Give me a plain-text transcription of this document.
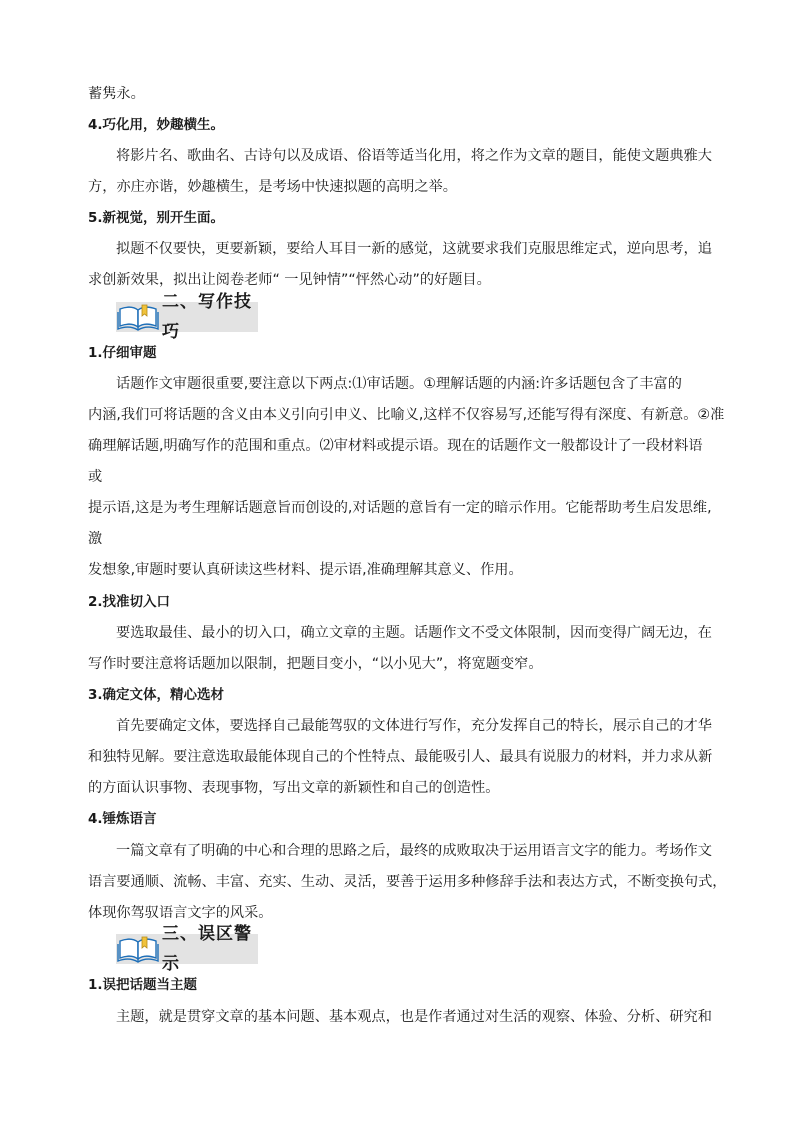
蓄隽永。
4.巧化用，妙趣横生。
将影片名、歌曲名、古诗句以及成语、俗语等适当化用，将之作为文章的题目，能使文题典雅大
方，亦庄亦谐，妙趣横生，是考场中快速拟题的高明之举。
5.新视觉，别开生面。
拟题不仅要快，更要新颖，要给人耳目一新的感觉，这就要求我们克服思维定式，逆向思考，追
求创新效果，拟出让阅卷老师“ 一见钟情”“怦然心动”的好题目。
二、写作技巧
1.仔细审题
话题作文审题很重要,要注意以下两点:⑴审话题。①理解话题的内涵:许多话题包含了丰富的
内涵,我们可将话题的含义由本义引向引申义、比喻义,这样不仅容易写,还能写得有深度、有新意。②准
确理解话题,明确写作的范围和重点。⑵审材料或提示语。现在的话题作文一般都设计了一段材料语
或
提示语,这是为考生理解话题意旨而创设的,对话题的意旨有一定的暗示作用。它能帮助考生启发思维,
激
发想象,审题时要认真研读这些材料、提示语,准确理解其意义、作用。
2.找准切入口
要选取最佳、最小的切入口，确立文章的主题。话题作文不受文体限制，因而变得广阔无边，在
写作时要注意将话题加以限制，把题目变小，“以小见大”，将宽题变窄。
3.确定文体，精心选材
首先要确定文体，要选择自己最能驾驭的文体进行写作，充分发挥自己的特长，展示自己的才华
和独特见解。要注意选取最能体现自己的个性特点、最能吸引人、最具有说服力的材料，并力求从新
的方面认识事物、表现事物，写出文章的新颖性和自己的创造性。
4.锤炼语言
一篇文章有了明确的中心和合理的思路之后，最终的成败取决于运用语言文字的能力。考场作文
语言要通顺、流畅、丰富、充实、生动、灵活，要善于运用多种修辞手法和表达方式，不断变换句式，
体现你驾驭语言文字的风采。
三、误区警示
1.误把话题当主题
主题，就是贯穿文章的基本问题、基本观点，也是作者通过对生活的观察、体验、分析、研究和
